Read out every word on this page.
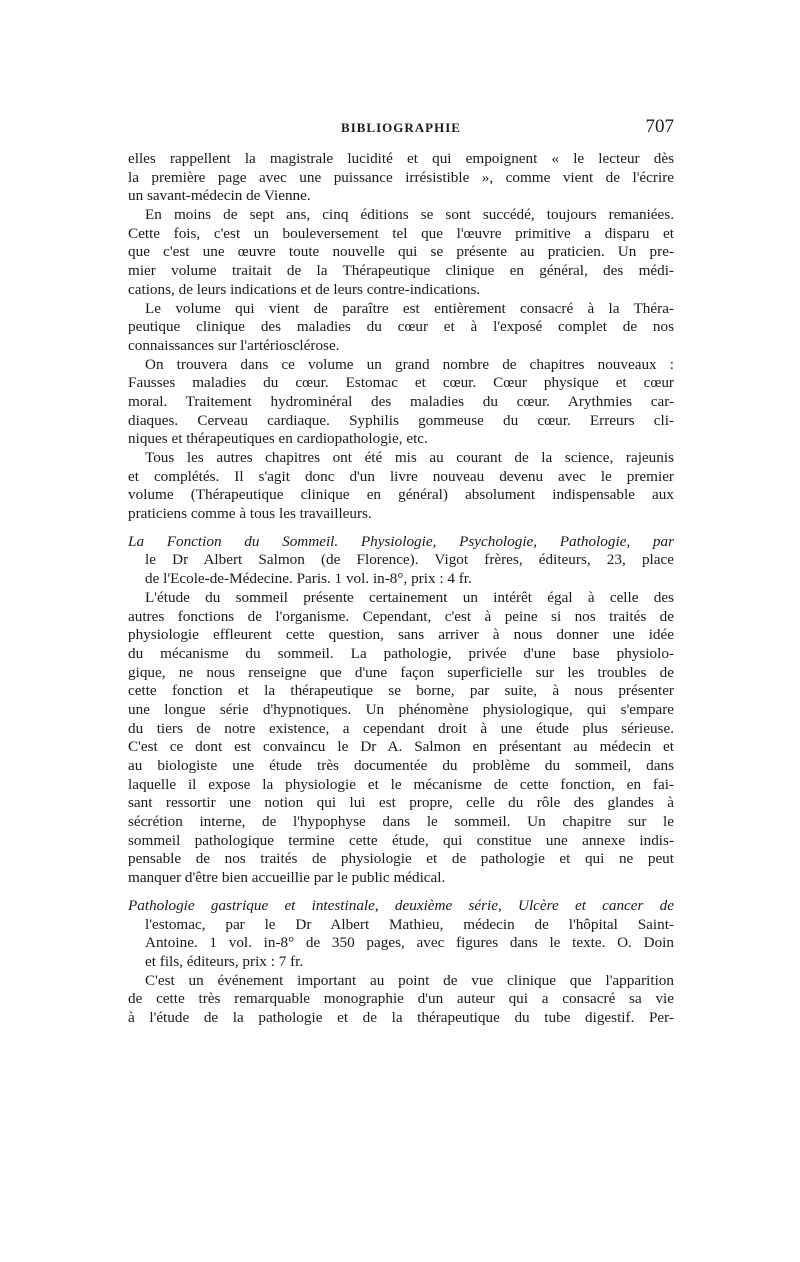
BIBLIOGRAPHIE	707
elles rappellent la magistrale lucidité et qui empoignent « le lecteur dès
la première page avec une puissance irrésistible », comme vient de l'écrire
un savant-médecin de Vienne.
En moins de sept ans, cinq éditions se sont succédé, toujours remaniées.
Cette fois, c'est un bouleversement tel que l'œuvre primitive a disparu et
que c'est une œuvre toute nouvelle qui se présente au praticien. Un pre-
mier volume traitait de la Thérapeutique clinique en général, des médi-
cations, de leurs indications et de leurs contre-indications.
Le volume qui vient de paraître est entièrement consacré à la Théra-
peutique clinique des maladies du cœur et à l'exposé complet de nos
connaissances sur l'artériosclérose.
On trouvera dans ce volume un grand nombre de chapitres nouveaux :
Fausses maladies du cœur. Estomac et cœur. Cœur physique et cœur
moral. Traitement hydrominéral des maladies du cœur. Arythmies car-
diaques. Cerveau cardiaque. Syphilis gommeuse du cœur. Erreurs cli-
niques et thérapeutiques en cardiopathologie, etc.
Tous les autres chapitres ont été mis au courant de la science, rajeunis
et complétés. Il s'agit donc d'un livre nouveau devenu avec le premier
volume (Thérapeutique clinique en général) absolument indispensable aux
praticiens comme à tous les travailleurs.
La Fonction du Sommeil. Physiologie, Psychologie, Pathologie, par
le Dr Albert Salmon (de Florence). Vigot frères, éditeurs, 23, place
de l'Ecole-de-Médecine. Paris. 1 vol. in-8°, prix : 4 fr.
L'étude du sommeil présente certainement un intérêt égal à celle des
autres fonctions de l'organisme. Cependant, c'est à peine si nos traités de
physiologie effleurent cette question, sans arriver à nous donner une idée
du mécanisme du sommeil. La pathologie, privée d'une base physiolo-
gique, ne nous renseigne que d'une façon superficielle sur les troubles de
cette fonction et la thérapeutique se borne, par suite, à nous présenter
une longue série d'hypnotiques. Un phénomène physiologique, qui s'empare
du tiers de notre existence, a cependant droit à une étude plus sérieuse.
C'est ce dont est convaincu le Dr A. Salmon en présentant au médecin et
au biologiste une étude très documentée du problème du sommeil, dans
laquelle il expose la physiologie et le mécanisme de cette fonction, en fai-
sant ressortir une notion qui lui est propre, celle du rôle des glandes à
sécrétion interne, de l'hypophyse dans le sommeil. Un chapitre sur le
sommeil pathologique termine cette étude, qui constitue une annexe indis-
pensable de nos traités de physiologie et de pathologie et qui ne peut
manquer d'être bien accueillie par le public médical.
Pathologie gastrique et intestinale, deuxième série, Ulcère et cancer de
l'estomac, par le Dr Albert Mathieu, médecin de l'hôpital Saint-
Antoine. 1 vol. in-8° de 350 pages, avec figures dans le texte. O. Doin
et fils, éditeurs, prix : 7 fr.
C'est un événement important au point de vue clinique que l'apparition
de cette très remarquable monographie d'un auteur qui a consacré sa vie
à l'étude de la pathologie et de la thérapeutique du tube digestif. Per-
